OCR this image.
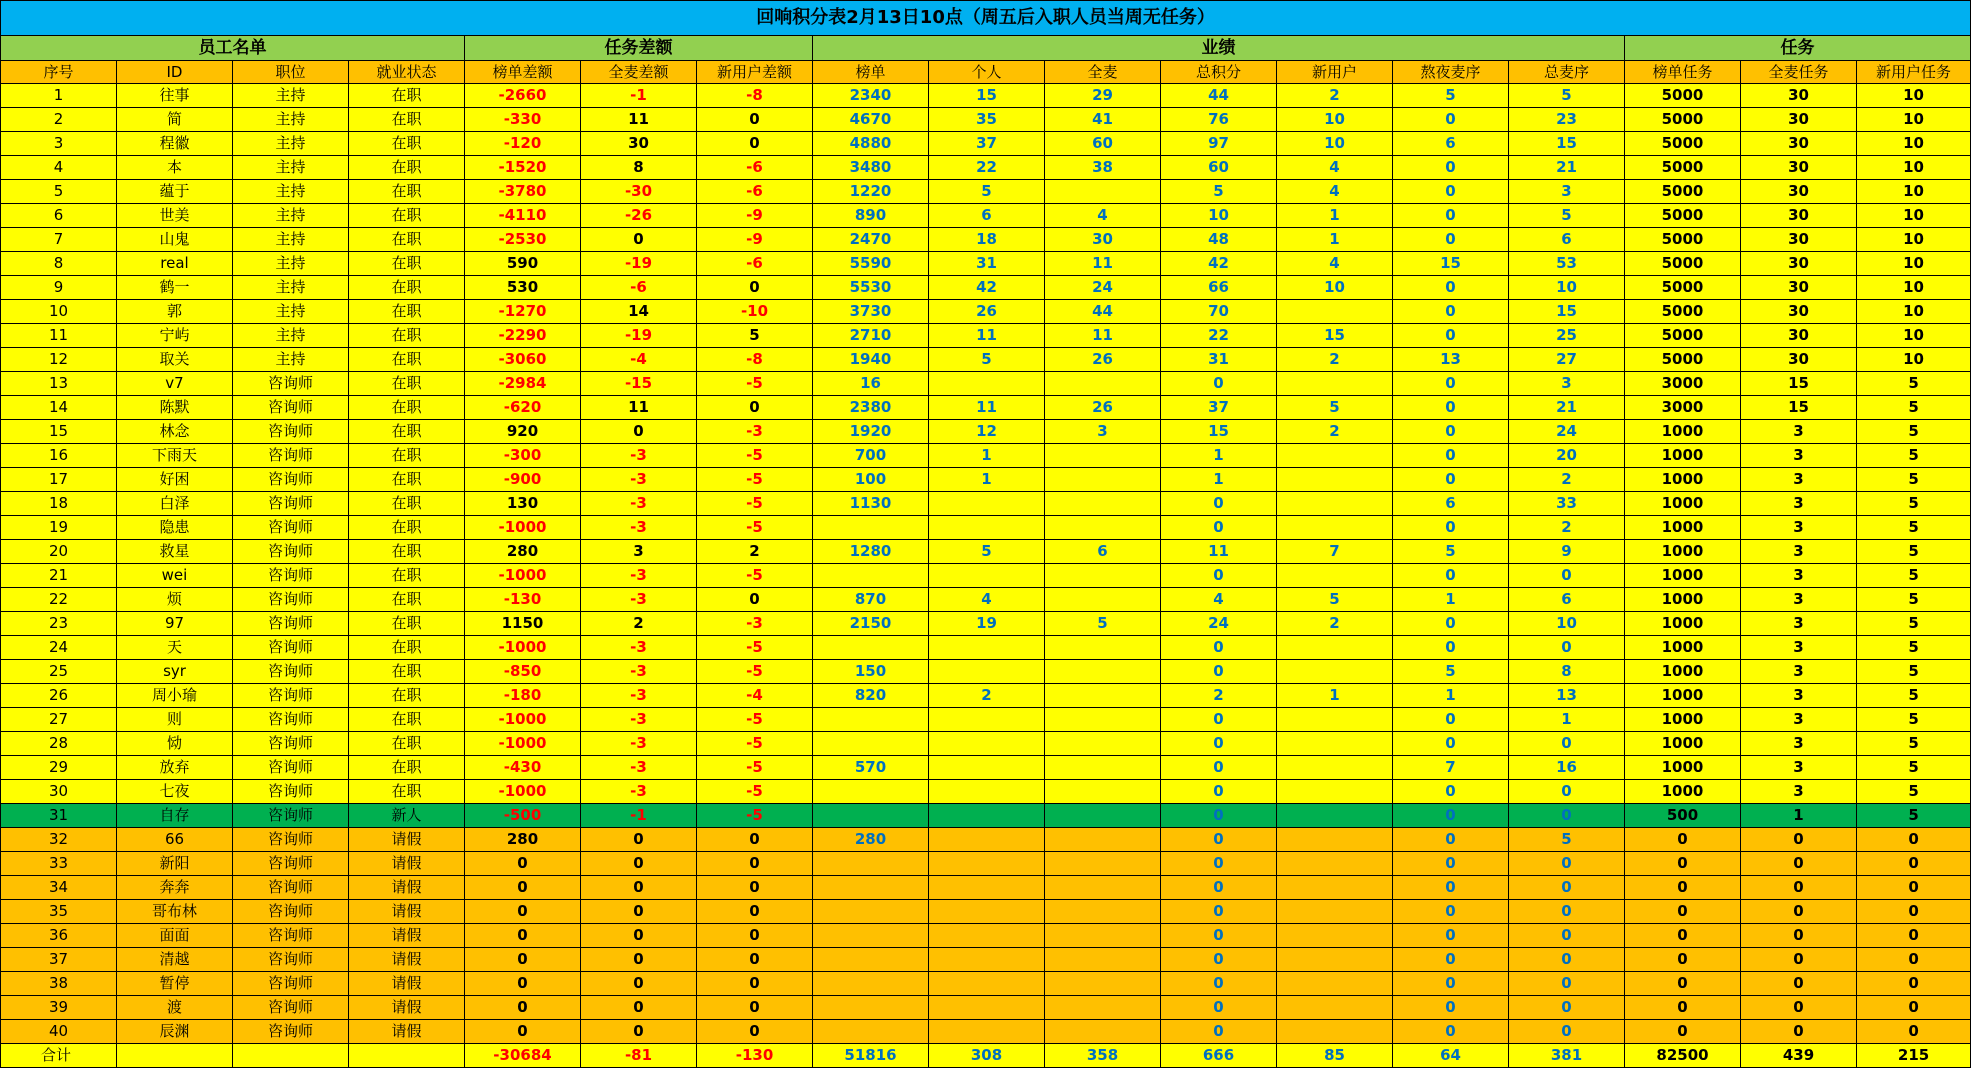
回响积分表2月13日10点（周五后入职人员当周无任务）																
员工名单				任务差额			业绩							任务		
序号	ID	职位	就业状态	榜单差额	全麦差额	新用户差额	榜单	个人	全麦	总积分	新用户	熬夜麦序	总麦序	榜单任务	全麦任务	新用户任务
1	往事	主持	在职	-2660	-1	-8	2340	15	29	44	2	5	5	5000	30	10
2	简	主持	在职	-330	11	0	4670	35	41	76	10	0	23	5000	30	10
3	程徽	主持	在职	-120	30	0	4880	37	60	97	10	6	15	5000	30	10
4	本	主持	在职	-1520	8	-6	3480	22	38	60	4	0	21	5000	30	10
5	蕴于	主持	在职	-3780	-30	-6	1220	5		5	4	0	3	5000	30	10
6	世美	主持	在职	-4110	-26	-9	890	6	4	10	1	0	5	5000	30	10
7	山鬼	主持	在职	-2530	0	-9	2470	18	30	48	1	0	6	5000	30	10
8	real	主持	在职	590	-19	-6	5590	31	11	42	4	15	53	5000	30	10
9	鹤一	主持	在职	530	-6	0	5530	42	24	66	10	0	10	5000	30	10
10	郭	主持	在职	-1270	14	-10	3730	26	44	70		0	15	5000	30	10
11	宁屿	主持	在职	-2290	-19	5	2710	11	11	22	15	0	25	5000	30	10
12	取关	主持	在职	-3060	-4	-8	1940	5	26	31	2	13	27	5000	30	10
13	v7	咨询师	在职	-2984	-15	-5	16			0		0	3	3000	15	5
14	陈默	咨询师	在职	-620	11	0	2380	11	26	37	5	0	21	3000	15	5
15	林念	咨询师	在职	920	0	-3	1920	12	3	15	2	0	24	1000	3	5
16	下雨天	咨询师	在职	-300	-3	-5	700	1		1		0	20	1000	3	5
17	好困	咨询师	在职	-900	-3	-5	100	1		1		0	2	1000	3	5
18	白泽	咨询师	在职	130	-3	-5	1130			0		6	33	1000	3	5
19	隐患	咨询师	在职	-1000	-3	-5				0		0	2	1000	3	5
20	救星	咨询师	在职	280	3	2	1280	5	6	11	7	5	9	1000	3	5
21	wei	咨询师	在职	-1000	-3	-5				0		0	0	1000	3	5
22	烦	咨询师	在职	-130	-3	0	870	4		4	5	1	6	1000	3	5
23	97	咨询师	在职	1150	2	-3	2150	19	5	24	2	0	10	1000	3	5
24	天	咨询师	在职	-1000	-3	-5				0		0	0	1000	3	5
25	syr	咨询师	在职	-850	-3	-5	150			0		5	8	1000	3	5
26	周小瑜	咨询师	在职	-180	-3	-4	820	2		2	1	1	13	1000	3	5
27	则	咨询师	在职	-1000	-3	-5				0		0	1	1000	3	5
28	恸	咨询师	在职	-1000	-3	-5				0		0	0	1000	3	5
29	放弃	咨询师	在职	-430	-3	-5	570			0		7	16	1000	3	5
30	七夜	咨询师	在职	-1000	-3	-5				0		0	0	1000	3	5
31	自存	咨询师	新人	-500	-1	-5				0		0	0	500	1	5
32	66	咨询师	请假	280	0	0	280			0		0	5	0	0	0
33	新阳	咨询师	请假	0	0	0				0		0	0	0	0	0
34	奔奔	咨询师	请假	0	0	0				0		0	0	0	0	0
35	哥布林	咨询师	请假	0	0	0				0		0	0	0	0	0
36	面面	咨询师	请假	0	0	0				0		0	0	0	0	0
37	清越	咨询师	请假	0	0	0				0		0	0	0	0	0
38	暂停	咨询师	请假	0	0	0				0		0	0	0	0	0
39	渡	咨询师	请假	0	0	0				0		0	0	0	0	0
40	辰渊	咨询师	请假	0	0	0				0		0	0	0	0	0
合计				-30684	-81	-130	51816	308	358	666	85	64	381	82500	439	215
